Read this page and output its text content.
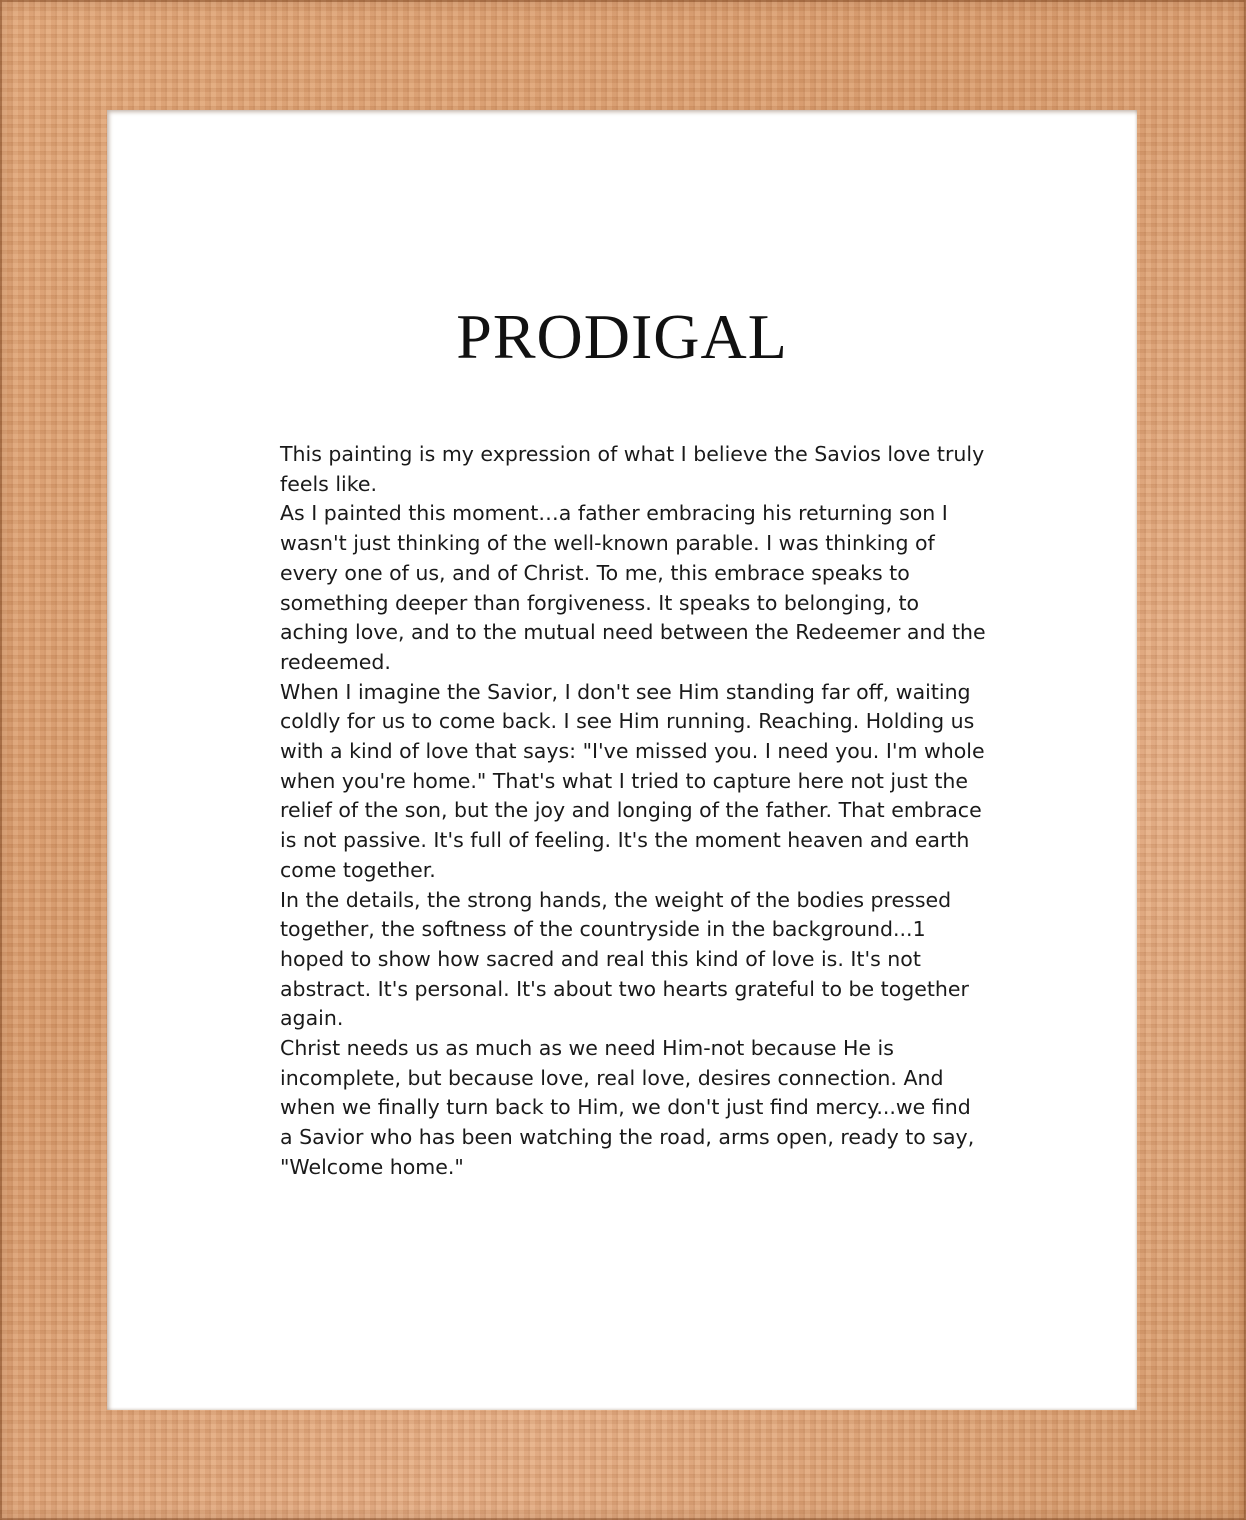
PRODIGAL

This painting is my expression of what I believe the Savios love truly

feels like.

As I painted this moment…a father embracing his returning son I

wasn't just thinking of the well-known parable. I was thinking of

every one of us, and of Christ. To me, this embrace speaks to

something deeper than forgiveness. It speaks to belonging, to

aching love, and to the mutual need between the Redeemer and the

redeemed.

When I imagine the Savior, I don't see Him standing far off, waiting

coldly for us to come back. I see Him running. Reaching. Holding us

with a kind of love that says: "I've missed you. I need you. I'm whole

when you're home." That's what I tried to capture here not just the

relief of the son, but the joy and longing of the father. That embrace

is not passive. It's full of feeling. It's the moment heaven and earth

come together.

In the details, the strong hands, the weight of the bodies pressed

together, the softness of the countryside in the background...1

hoped to show how sacred and real this kind of love is. It's not

abstract. It's personal. It's about two hearts grateful to be together

again.

Christ needs us as much as we need Him-not because He is

incomplete, but because love, real love, desires connection. And

when we finally turn back to Him, we don't just find mercy...we find

a Savior who has been watching the road, arms open, ready to say,

"Welcome home."
